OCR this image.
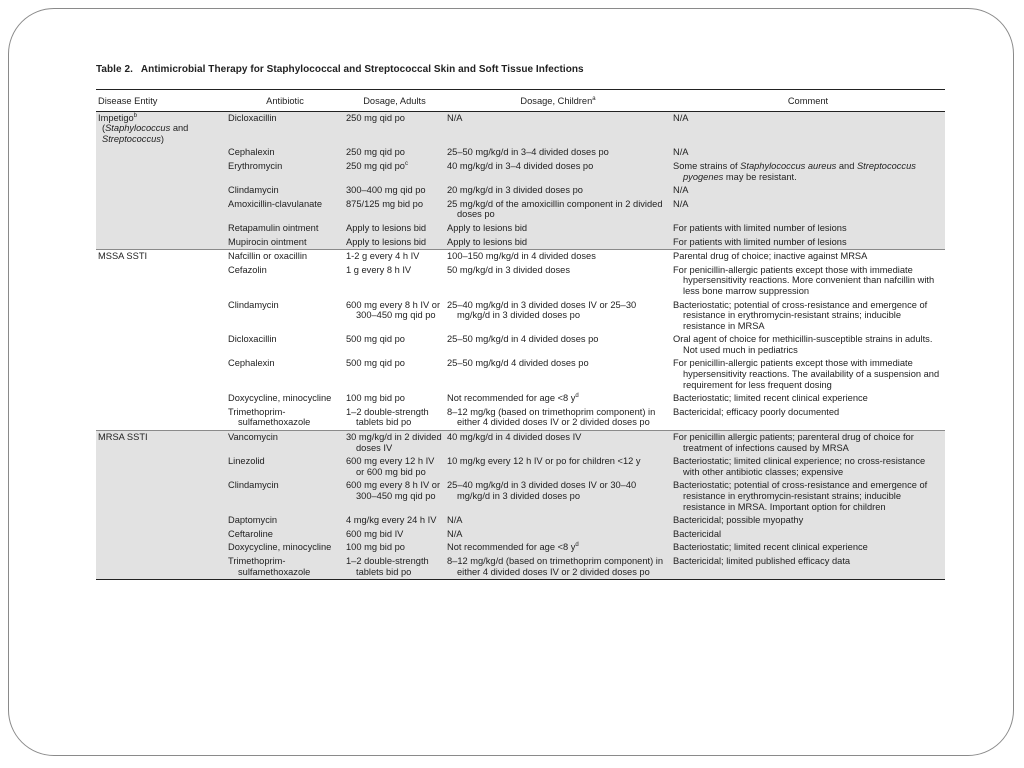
Table 2. Antimicrobial Therapy for Staphylococcal and Streptococcal Skin and Soft Tissue Infections
Disease Entity	Antibiotic	Dosage, Adults	Dosage, Children$^a$	Comment
Impetigo$^b$
(Staphylococcus and Streptococcus)	Dicloxacillin	250 mg qid po	N/A	N/A

	Cephalexin	250 mg qid po	25–50 mg/kg/d in 3–4 divided doses po	N/A

	Erythromycin	250 mg qid $po^c$	40 mg/kg/d in 3–4 divided doses po	Some strains of Staphylococcus aureus and Streptococcus pyogenes may be resistant.

	Clindamycin	300–400 mg qid po	20 mg/kg/d in 3 divided doses po	N/A

	Amoxicillin-clavulanate	875/125 mg bid po	25 mg/kg/d of the amoxicillin component in 2 divided doses po	N/A

	Retapamulin ointment	Apply to lesions bid	Apply to lesions bid	For patients with limited number of lesions

	Mupirocin ointment	Apply to lesions bid	Apply to lesions bid	For patients with limited number of lesions

MSSA SSTI	Nafcillin or oxacillin	1-2 g every 4 h IV	100–150 mg/kg/d in 4 divided doses	Parental drug of choice; inactive against MRSA

	Cefazolin	1 g every 8 h IV	50 mg/kg/d in 3 divided doses	For penicillin-allergic patients except those with immediate hypersensitivity reactions. More convenient than nafcillin with less bone marrow suppression

	Clindamycin	600 mg every 8 h IV or 300–450 mg qid po	25–40 mg/kg/d in 3 divided doses IV or 25–30 mg/kg/d in 3 divided doses po	Bacteriostatic; potential of cross-resistance and emergence of resistance in erythromycin-resistant strains; inducible resistance in MRSA

	Dicloxacillin	500 mg qid po	25–50 mg/kg/d in 4 divided doses po	Oral agent of choice for methicillin-susceptible strains in adults. Not used much in pediatrics

	Cephalexin	500 mg qid po	25–50 mg/kg/d 4 divided doses po	For penicillin-allergic patients except those with immediate hypersensitivity reactions. The availability of a suspension and requirement for less frequent dosing

	Doxycycline, minocycline	100 mg bid po	Not recommended for age <8 $y^d$	Bacteriostatic; limited recent clinical experience

	Trimethoprim-sulfamethoxazole	1–2 double-strength tablets bid po	8–12 mg/kg (based on trimethoprim component) in either 4 divided doses IV or 2 divided doses po	Bactericidal; efficacy poorly documented

MRSA SSTI	Vancomycin	30 mg/kg/d in 2 divided doses IV	40 mg/kg/d in 4 divided doses IV	For penicillin allergic patients; parenteral drug of choice for treatment of infections caused by MRSA

	Linezolid	600 mg every 12 h IV or 600 mg bid po	10 mg/kg every 12 h IV or po for children <12 y	Bacteriostatic; limited clinical experience; no cross-resistance with other antibiotic classes; expensive

	Clindamycin	600 mg every 8 h IV or 300–450 mg qid po	25–40 mg/kg/d in 3 divided doses IV or 30–40 mg/kg/d in 3 divided doses po	Bacteriostatic; potential of cross-resistance and emergence of resistance in erythromycin-resistant strains; inducible resistance in MRSA. Important option for children

	Daptomycin	4 mg/kg every 24 h IV	N/A	Bactericidal; possible myopathy

	Ceftaroline	600 mg bid IV	N/A	Bactericidal

	Doxycycline, minocycline	100 mg bid po	Not recommended for age <8 $y^d$	Bacteriostatic; limited recent clinical experience

	Trimethoprim-sulfamethoxazole	1–2 double-strength tablets bid po	8–12 mg/kg/d (based on trimethoprim component) in either 4 divided doses IV or 2 divided doses po	Bactericidal; limited published efficacy data
